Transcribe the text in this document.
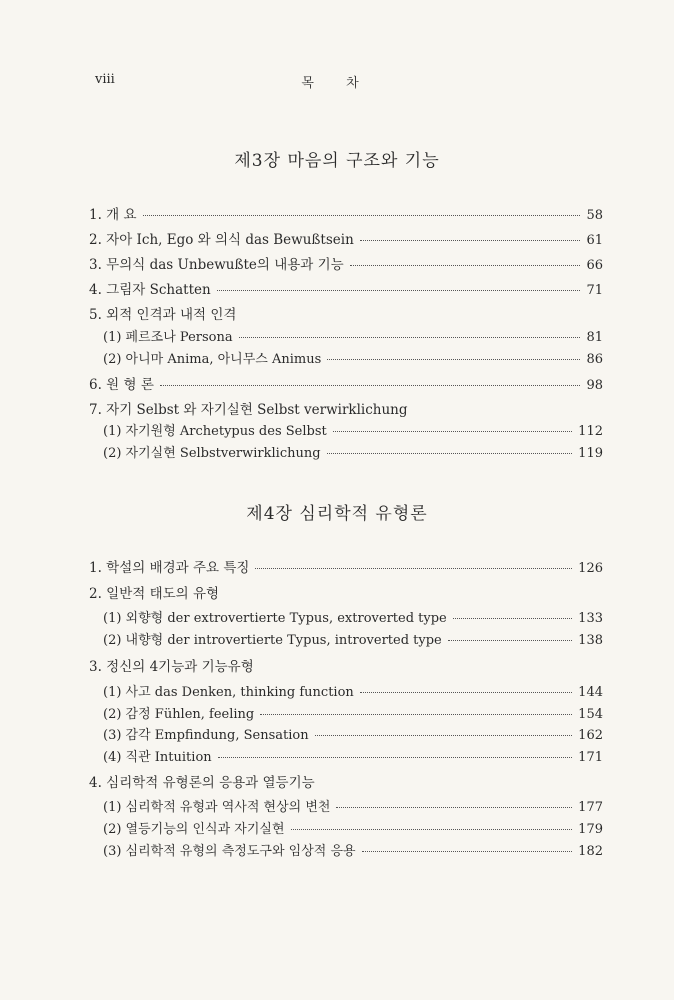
viii	목 차
제3장 마음의 구조와 기능
1. 개 요	58
2. 자아 Ich, Ego 와 의식 das Bewußtsein	61
3. 무의식 das Unbewußte의 내용과 기능	66
4. 그림자 Schatten	71
5. 외적 인격과 내적 인격
(1) 페르조나 Persona	81
(2) 아니마 Anima, 아니무스 Animus	86
6. 원 형 론	98
7. 자기 Selbst 와 자기실현 Selbst verwirklichung
(1) 자기원형 Archetypus des Selbst	112
(2) 자기실현 Selbstverwirklichung	119
제4장 심리학적 유형론
1. 학설의 배경과 주요 특징	126
2. 일반적 태도의 유형
(1) 외향형 der extrovertierte Typus, extroverted type	133
(2) 내향형 der introvertierte Typus, introverted type	138
3. 정신의 4기능과 기능유형
(1) 사고 das Denken, thinking function	144
(2) 감정 Fühlen, feeling	154
(3) 감각 Empfindung, Sensation	162
(4) 직관 Intuition	171
4. 심리학적 유형론의 응용과 열등기능
(1) 심리학적 유형과 역사적 현상의 변천	177
(2) 열등기능의 인식과 자기실현	179
(3) 심리학적 유형의 측정도구와 임상적 응용	182
